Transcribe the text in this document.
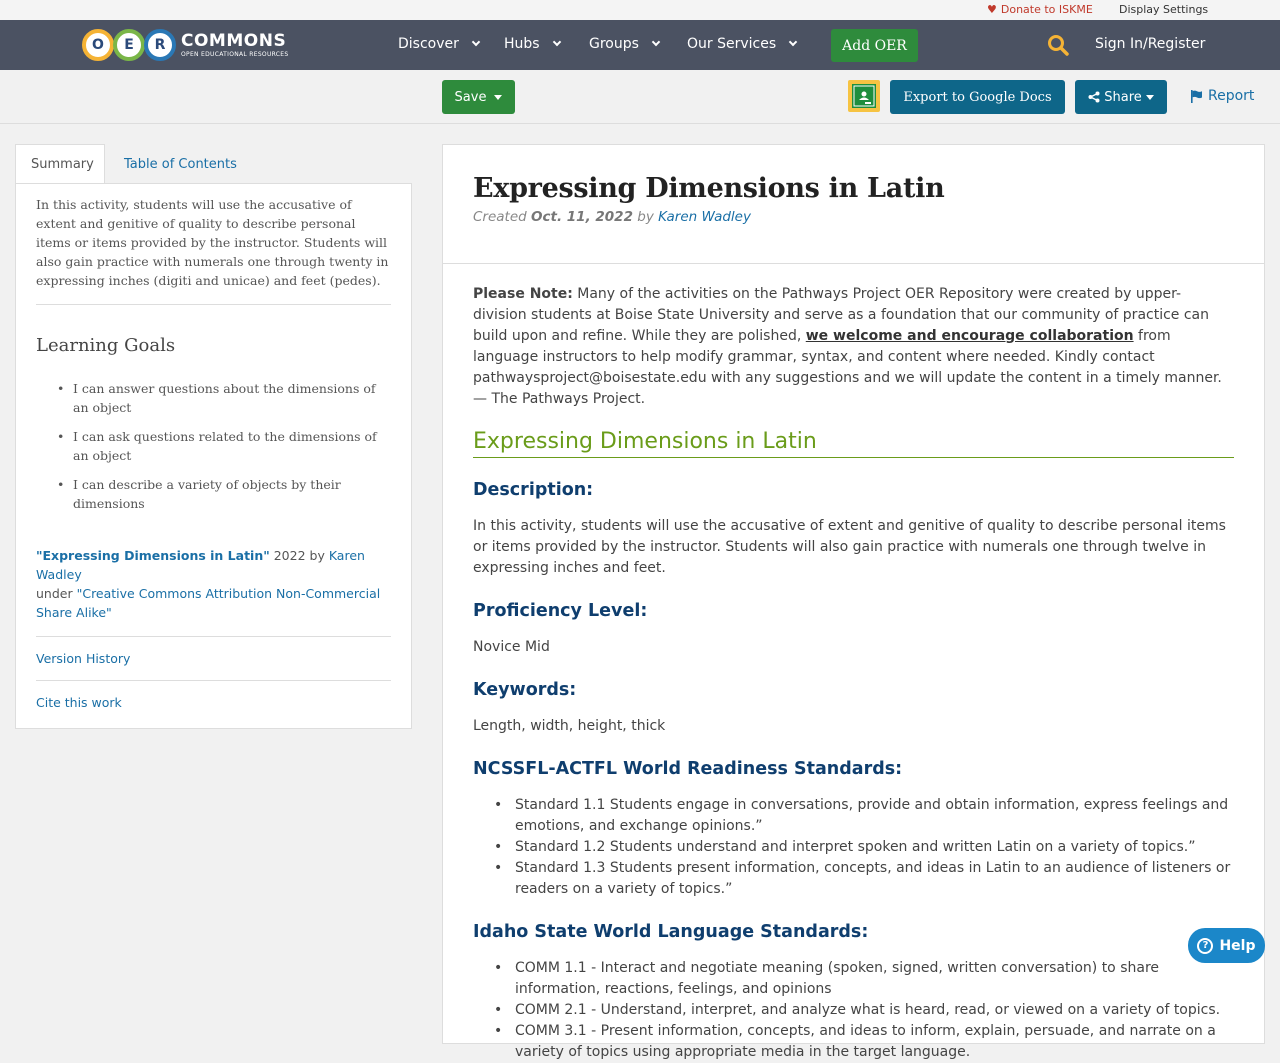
♥ Donate to ISKME Display Settings
O	E	R COMMONS
OPEN EDUCATIONAL RESOURCES
Discover	Hubs	Groups	Our Services	Add OER	Sign In/Register
Save	Export to Google Docs	Share	Report
Summary	Table of Contents

In this activity, students will use the accusative of extent and genitive of quality to describe personal items or items provided by the instructor. Students will also gain practice with numerals one through twenty in expressing inches (digiti and unicae) and feet (pedes).

Learning Goals
• I can answer questions about the dimensions of an object
• I can ask questions related to the dimensions of an object
• I can describe a variety of objects by their dimensions
"Expressing Dimensions in Latin" 2022 by Karen Wadley
under "Creative Commons Attribution Non-Commercial Share Alike"
Version History
Cite this work
Expressing Dimensions in Latin
Created Oct. 11, 2022 by Karen Wadley

Please Note: Many of the activities on the Pathways Project OER Repository were created by upper-division students at Boise State University and serve as a foundation that our community of practice can build upon and refine. While they are polished, we welcome and encourage collaboration from language instructors to help modify grammar, syntax, and content where needed. Kindly contact pathwaysproject@boisestate.edu with any suggestions and we will update the content in a timely manner. — The Pathways Project.

Expressing Dimensions in Latin
Description:

In this activity, students will use the accusative of extent and genitive of quality to describe personal items or items provided by the instructor. Students will also gain practice with numerals one through twelve in expressing inches and feet.

Proficiency Level:

Novice Mid

Keywords:

Length, width, height, thick

NCSSFL-ACTFL World Readiness Standards:
• Standard 1.1 Students engage in conversations, provide and obtain information, express feelings and emotions, and exchange opinions.”
• Standard 1.2 Students understand and interpret spoken and written Latin on a variety of topics.”
• Standard 1.3 Students present information, concepts, and ideas in Latin to an audience of listeners or readers on a variety of topics.”
Idaho State World Language Standards:
• COMM 1.1 - Interact and negotiate meaning (spoken, signed, written conversation) to share information, reactions, feelings, and opinions
• COMM 2.1 - Understand, interpret, and analyze what is heard, read, or viewed on a variety of topics.
• COMM 3.1 - Present information, concepts, and ideas to inform, explain, persuade, and narrate on a variety of topics using appropriate media in the target language.
? Help
